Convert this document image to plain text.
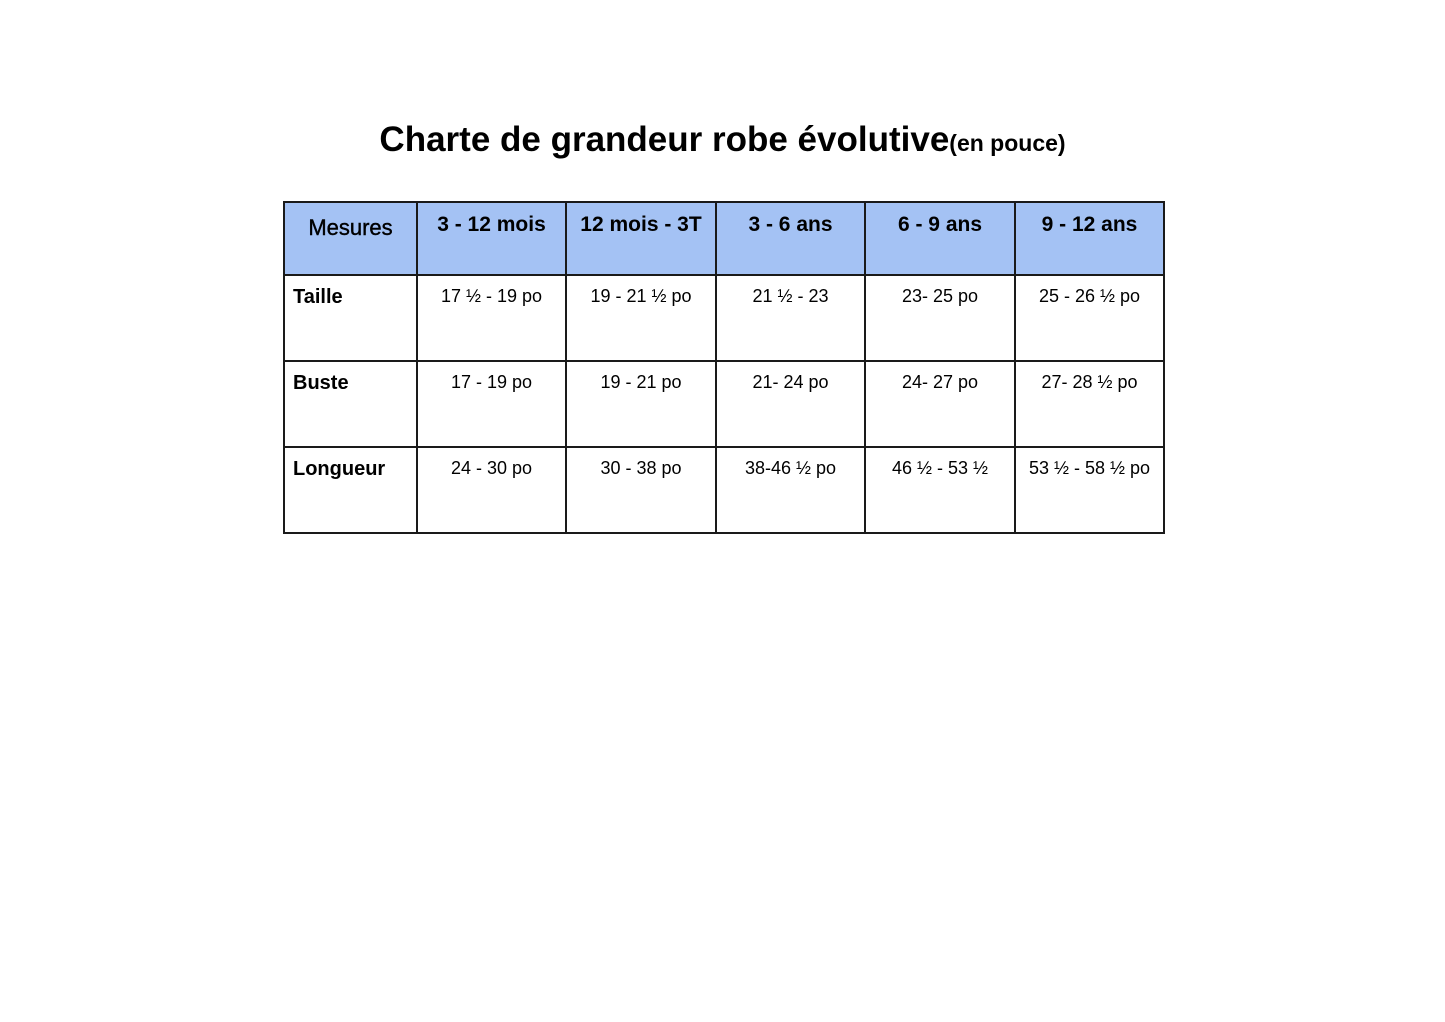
Charte de grandeur robe évolutive(en pouce)
Mesures	3 - 12 mois	12 mois - 3T	3 - 6 ans	6 - 9 ans	9 - 12 ans
Taille	17 ½ - 19 po	19 - 21 ½ po	21 ½ - 23	23- 25 po	25 - 26 ½ po
Buste	17 - 19 po	19 - 21 po	21- 24 po	24- 27 po	27- 28 ½ po
Longueur	24 - 30 po	30 - 38 po	38-46 ½ po	46 ½ - 53 ½	53 ½ - 58 ½ po
